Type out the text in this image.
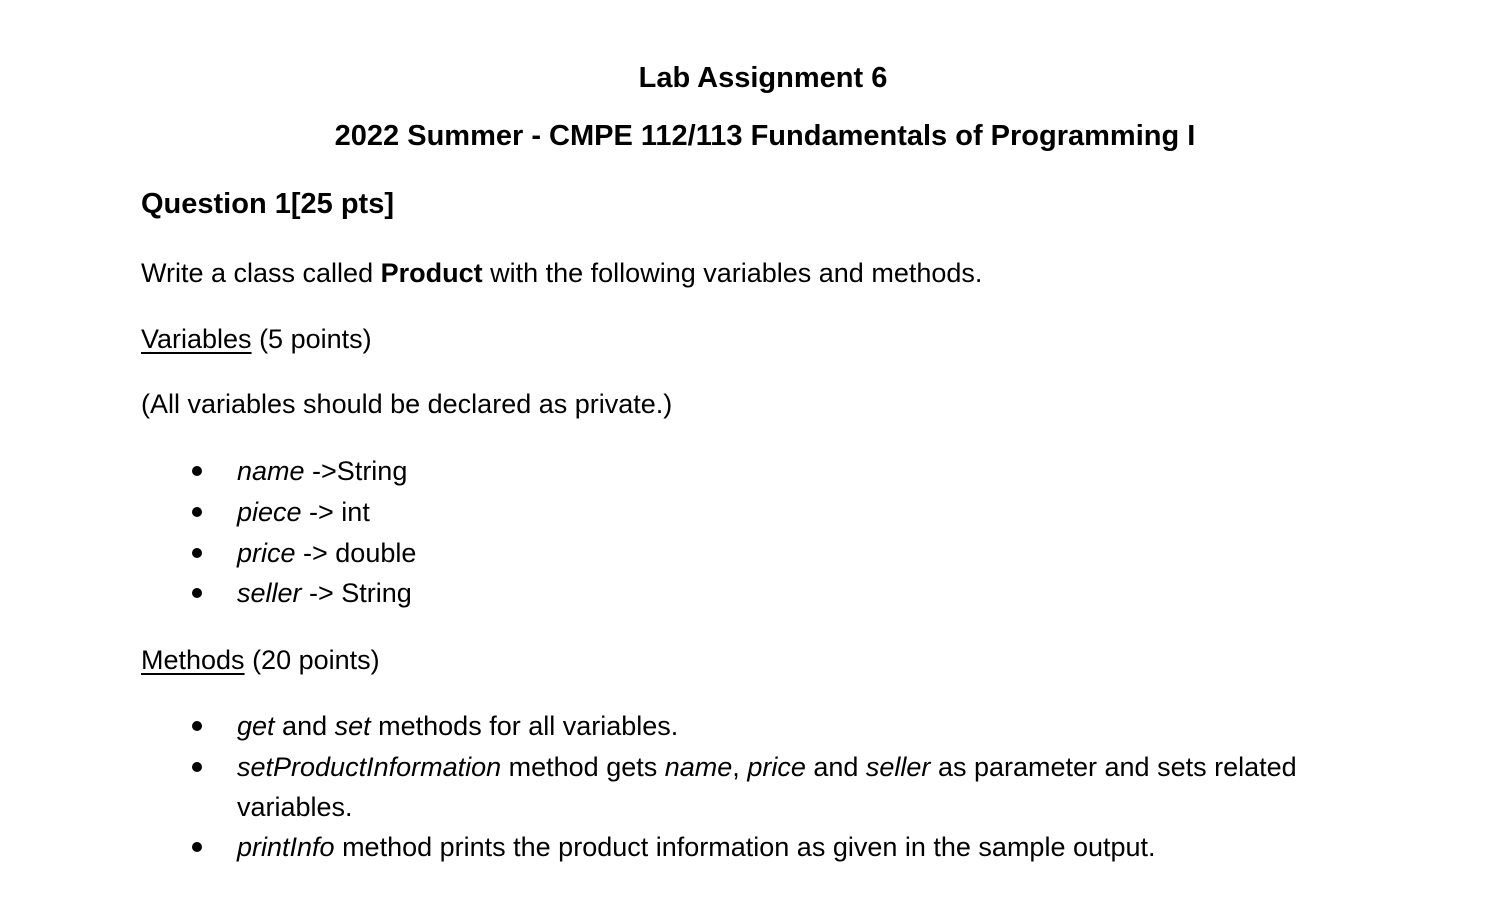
Lab Assignment 6
2022 Summer - CMPE 112/113 Fundamentals of Programming I
Question 1[25 pts]
Write a class called Product with the following variables and methods.
Variables (5 points)
(All variables should be declared as private.)
name ->String
piece -> int
price -> double
seller -> String
Methods (20 points)
get and set methods for all variables.
setProductInformation method gets name, price and seller as parameter and sets related variables.
printInfo method prints the product information as given in the sample output.
